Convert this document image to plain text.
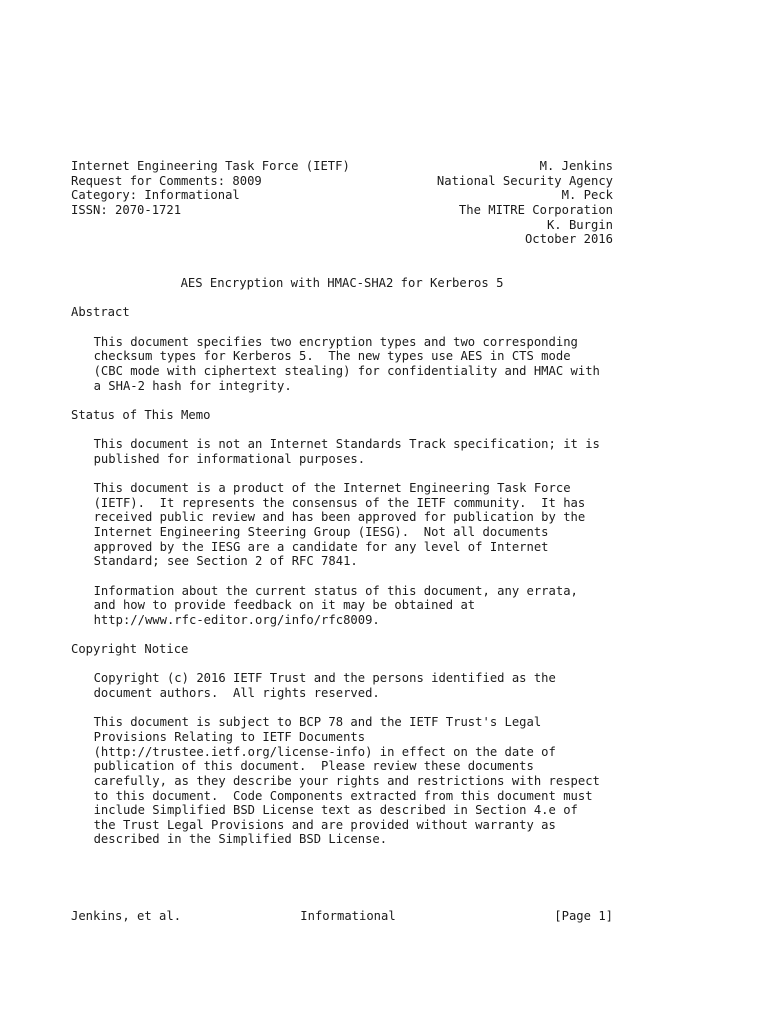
Internet Engineering Task Force (IETF)	M. Jenkins
Request for Comments: 8009	National Security Agency
Category: Informational	M. Peck
ISSN: 2070-1721	The MITRE Corporation
K. Burgin
October 2016
AES Encryption with HMAC-SHA2 for Kerberos 5
Abstract
This document specifies two encryption types and two corresponding
checksum types for Kerberos 5.  The new types use AES in CTS mode
(CBC mode with ciphertext stealing) for confidentiality and HMAC with
a SHA-2 hash for integrity.
Status of This Memo
This document is not an Internet Standards Track specification; it is
published for informational purposes.
This document is a product of the Internet Engineering Task Force
(IETF).  It represents the consensus of the IETF community.  It has
received public review and has been approved for publication by the
Internet Engineering Steering Group (IESG).  Not all documents
approved by the IESG are a candidate for any level of Internet
Standard; see Section 2 of RFC 7841.
Information about the current status of this document, any errata,
and how to provide feedback on it may be obtained at
http://www.rfc-editor.org/info/rfc8009.
Copyright Notice
Copyright (c) 2016 IETF Trust and the persons identified as the
document authors.  All rights reserved.
This document is subject to BCP 78 and the IETF Trust's Legal
Provisions Relating to IETF Documents
(http://trustee.ietf.org/license-info) in effect on the date of
publication of this document.  Please review these documents
carefully, as they describe your rights and restrictions with respect
to this document.  Code Components extracted from this document must
include Simplified BSD License text as described in Section 4.e of
the Trust Legal Provisions and are provided without warranty as
described in the Simplified BSD License.
Jenkins, et al.	Informational	[Page 1]
